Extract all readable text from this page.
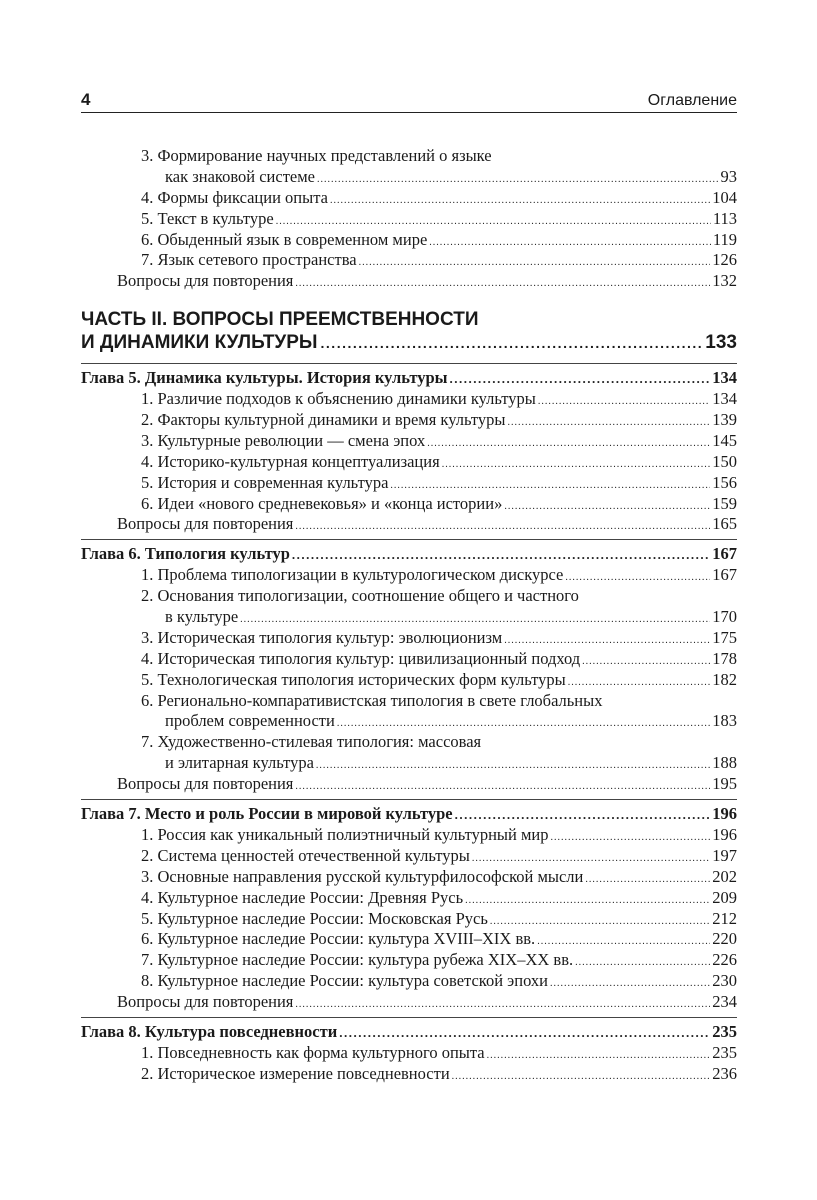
4	Оглавление
3. Формирование научных представлений о языке
как знаковой системе .....	93
4. Формы фиксации опыта .....	104
5. Текст в культуре .....	113
6. Обыденный язык в современном мире .....	119
7. Язык сетевого пространства .....	126
Вопросы для повторения .....	132
ЧАСТЬ II. ВОПРОСЫ ПРЕЕМСТВЕННОСТИ
И ДИНАМИКИ КУЛЬТУРЫ .....	133
Глава 5. Динамика культуры. История культуры .....	134
1. Различие подходов к объяснению динамики культуры .....	134
2. Факторы культурной динамики и время культуры .....	139
3. Культурные революции — смена эпох .....	145
4. Историко-культурная концептуализация .....	150
5. История и современная культура .....	156
6. Идеи «нового средневековья» и «конца истории» .....	159
Вопросы для повторения .....	165
Глава 6. Типология культур .....	167
1. Проблема типологизации в культурологическом дискурсе .....	167
2. Основания типологизации, соотношение общего и частного
в культуре .....	170
3. Историческая типология культур: эволюционизм .....	175
4. Историческая типология культур: цивилизационный подход .....	178
5. Технологическая типология исторических форм культуры .....	182
6. Регионально-компаративистская типология в свете глобальных
проблем современности .....	183
7. Художественно-стилевая типология: массовая
и элитарная культура .....	188
Вопросы для повторения .....	195
Глава 7. Место и роль России в мировой культуре .....	196
1. Россия как уникальный полиэтничный культурный мир .....	196
2. Система ценностей отечественной культуры .....	197
3. Основные направления русской культурфилософской мысли .....	202
4. Культурное наследие России: Древняя Русь .....	209
5. Культурное наследие России: Московская Русь .....	212
6. Культурное наследие России: культура XVIII–XIX вв. .....	220
7. Культурное наследие России: культура рубежа XIX–XX вв. .....	226
8. Культурное наследие России: культура советской эпохи .....	230
Вопросы для повторения .....	234
Глава 8. Культура повседневности .....	235
1. Повседневность как форма культурного опыта .....	235
2. Историческое измерение повседневности .....	236
